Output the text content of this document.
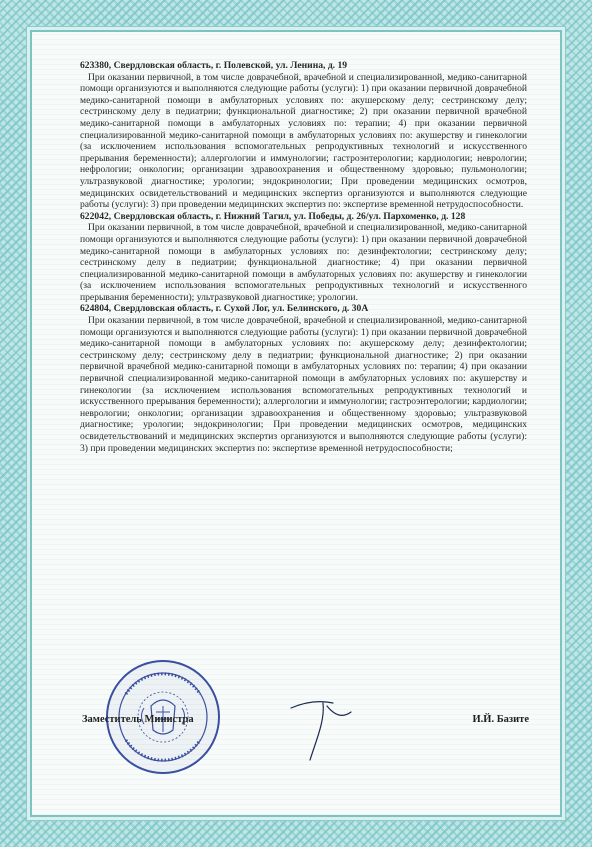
623380, Свердловская область, г. Полевской, ул. Ленина, д. 19

При оказании первичной, в том числе доврачебной, врачебной и специализированной, медико-санитарной помощи организуются и выполняются следующие работы (услуги): 1) при оказании первичной доврачебной медико-санитарной помощи в амбулаторных условиях по: акушерскому делу; сестринскому делу; сестринскому делу в педиатрии; функциональной диагностике; 2) при оказании первичной врачебной медико-санитарной помощи в амбулаторных условиях по: терапии; 4) при оказании первичной специализированной медико-санитарной помощи в амбулаторных условиях по: акушерству и гинекологии (за исключением использования вспомогательных репродуктивных технологий и искусственного прерывания беременности); аллергологии и иммунологии; гастроэнтерологии; кардиологии; неврологии; нефрологии; онкологии; организации здравоохранения и общественному здоровью; пульмонологии; ультразвуковой диагностике; урологии; эндокринологии; При проведении медицинских осмотров, медицинских освидетельствований и медицинских экспертиз организуются и выполняются следующие работы (услуги): 3) при проведении медицинских экспертиз по: экспертизе временной нетрудоспособности.

622042, Свердловская область, г. Нижний Тагил, ул. Победы, д. 26/ул. Пархоменко, д. 128

При оказании первичной, в том числе доврачебной, врачебной и специализированной, медико-санитарной помощи организуются и выполняются следующие работы (услуги): 1) при оказании первичной доврачебной медико-санитарной помощи в амбулаторных условиях по: дезинфектологии; сестринскому делу; сестринскому делу в педиатрии; функциональной диагностике; 4) при оказании первичной специализированной медико-санитарной помощи в амбулаторных условиях по: акушерству и гинекологии (за исключением использования вспомогательных репродуктивных технологий и искусственного прерывания беременности); ультразвуковой диагностике; урологии.

624804, Свердловская область, г. Сухой Лог, ул. Белинского, д. 30А

При оказании первичной, в том числе доврачебной, врачебной и специализированной, медико-санитарной помощи организуются и выполняются следующие работы (услуги): 1) при оказании первичной доврачебной медико-санитарной помощи в амбулаторных условиях по: акушерскому делу; дезинфектологии; сестринскому делу; сестринскому делу в педиатрии; функциональной диагностике; 2) при оказании первичной врачебной медико-санитарной помощи в амбулаторных условиях по: терапии; 4) при оказании первичной специализированной медико-санитарной помощи в амбулаторных условиях по: акушерству и гинекологии (за исключением использования вспомогательных репродуктивных технологий и искусственного прерывания беременности); аллергологии и иммунологии; гастроэнтерологии; кардиологии; неврологии; онкологии; организации здравоохранения и общественному здоровью; ультразвуковой диагностике; урологии; эндокринологии; При проведении медицинских осмотров, медицинских освидетельствований и медицинских экспертиз организуются и выполняются следующие работы (услуги): 3) при проведении медицинских экспертиз по: экспертизе временной нетрудоспособности;

Заместитель Министра	И.Й. Базите
